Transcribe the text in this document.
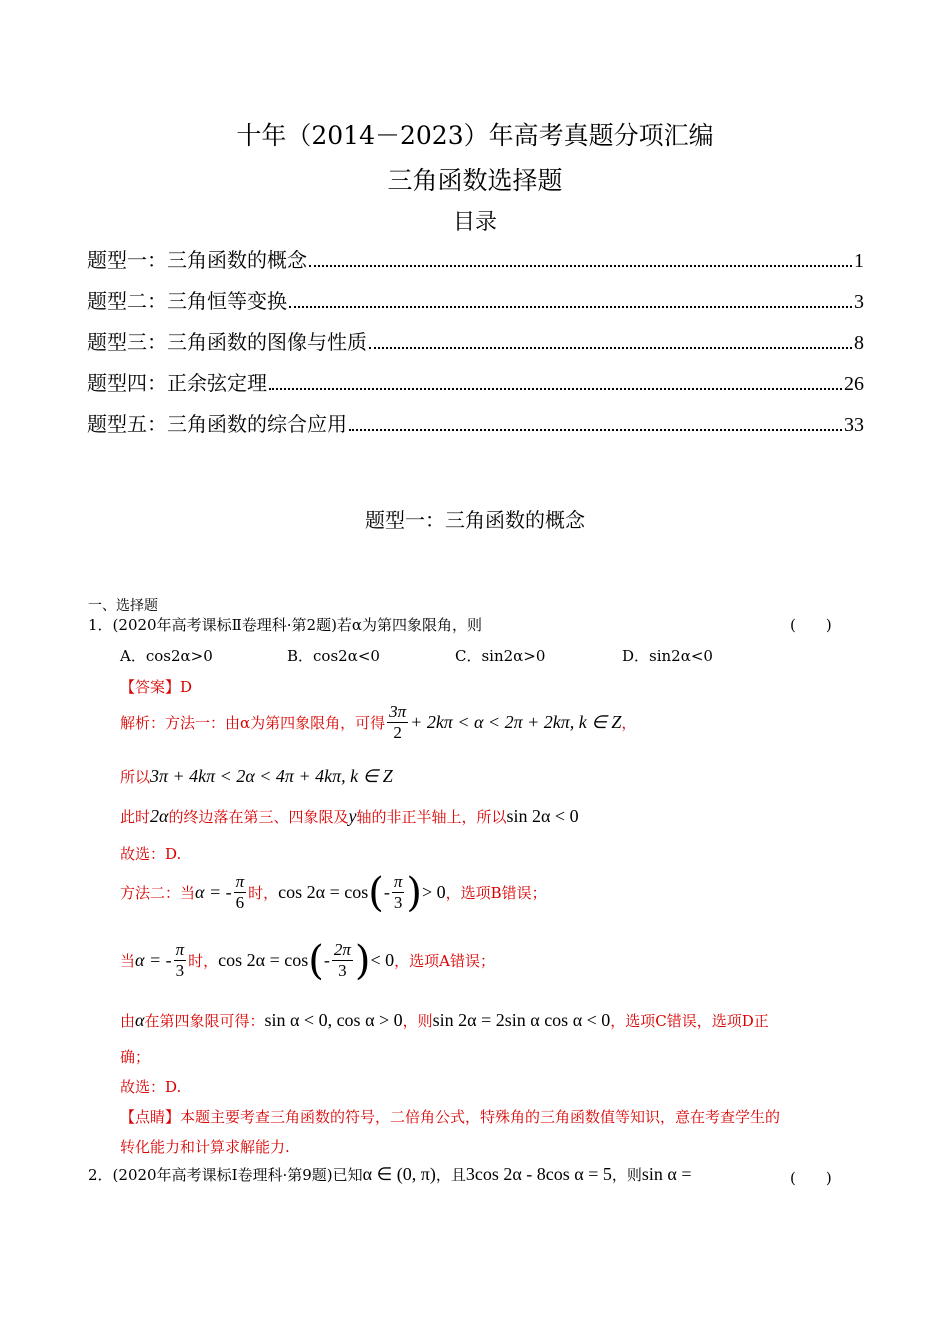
十年（2014－2023）年高考真题分项汇编
三角函数选择题
目录
题型一：三角函数的概念	1
题型二：三角恒等变换	3
题型三：三角函数的图像与性质	8
题型四：正余弦定理	26
题型五：三角函数的综合应用	33
题型一：三角函数的概念
一、选择题
1．(2020年高考课标Ⅱ卷理科·第2题)若α为第四象限角，则	(　　)
A．cos2α>0	B．cos2α<0	C．sin2α>0	D．sin2α<0
【答案】D
解析：方法一：由α为第四象限角，可得 $\frac{3\pi}{2} + 2k\pi < \alpha < 2\pi + 2k\pi$, k ∈ Z ，
所以 3π + 4kπ < 2α < 4π + 4kπ, k ∈ Z
此时 2α 的终边落在第三、四象限及 y 轴的非正半轴上，所以 sin 2α < 0
故选：D.
方法二：当 α = - $\frac{\pi}{6}$ 时， cos 2α = cos ( - $\frac{\pi}{3}$ ) > 0 ，选项B错误；
当 α = - $\frac{\pi}{3}$ 时， cos 2α = cos ( - $\frac{2\pi}{3}$ ) < 0 ，选项A错误；
由 α 在第四象限可得： sin α < 0, cos α > 0 ，则 sin 2α = 2sin α cos α < 0 ，选项C错误，选项D正
确；
故选：D.
【点睛】本题主要考查三角函数的符号，二倍角公式，特殊角的三角函数值等知识，意在考查学生的
转化能力和计算求解能力.
2．(2020年高考课标Ⅰ卷理科·第9题)已知 α ∈ (0, π) ，且 3cos 2α - 8cos α = 5 ，则 sin α =	(　　)
